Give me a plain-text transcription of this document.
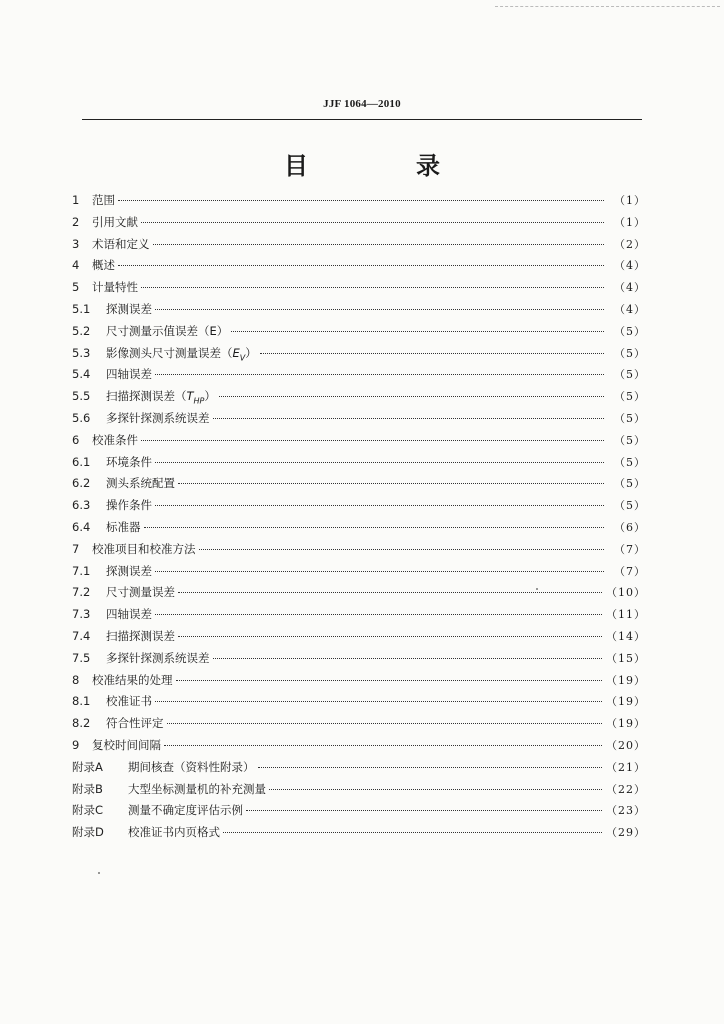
JJF 1064—2010
目　录
1	范围	（1）
2	引用文献	（1）
3	术语和定义	（2）
4	概述	（4）
5	计量特性	（4）
5.1	探测误差	（4）
5.2	尺寸测量示值误差（E）	（5）
5.3	影像测头尺寸测量误差$(E_V)$	（5）
5.4	四轴误差	（5）
5.5	扫描探测误差$(T_{HP})$	（5）
5.6	多探针探测系统误差	（5）
6	校准条件	（5）
6.1	环境条件	（5）
6.2	测头系统配置	（5）
6.3	操作条件	（5）
6.4	标准器	（6）
7	校准项目和校准方法	（7）
7.1	探测误差	（7）
7.2	尺寸测量误差	（10）
7.3	四轴误差	（11）
7.4	扫描探测误差	（14）
7.5	多探针探测系统误差	（15）
8	校准结果的处理	（19）
8.1	校准证书	（19）
8.2	符合性评定	（19）
9	复校时间间隔	（20）
附录A	期间核查（资料性附录）	（21）
附录B	大型坐标测量机的补充测量	（22）
附录C	测量不确定度评估示例	（23）
附录D	校准证书内页格式	（29）
